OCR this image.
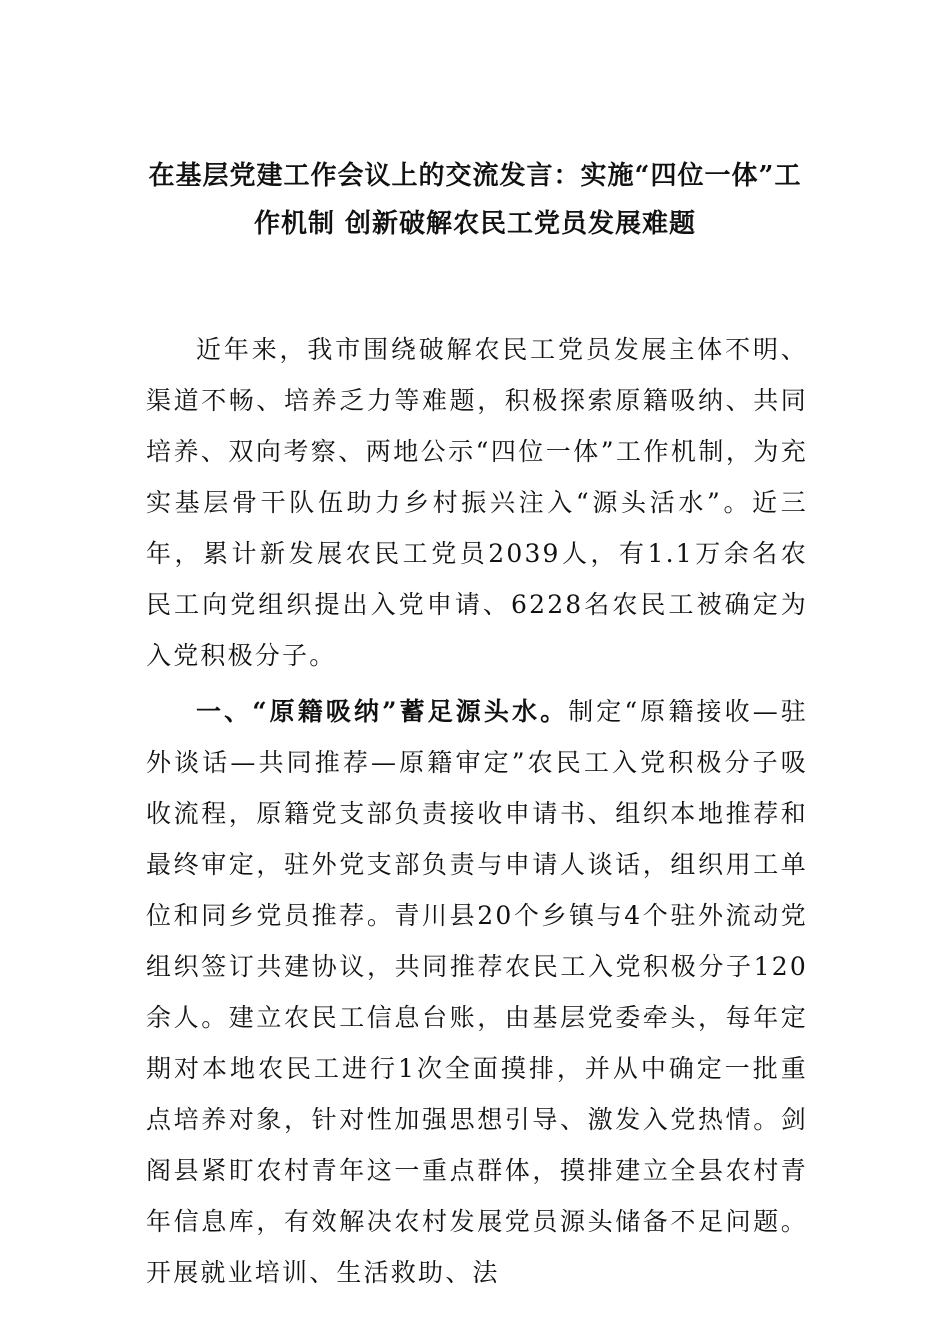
在基层党建工作会议上的交流发言：实施“四位一体”工
作机制 创新破解农民工党员发展难题

近年来，我市围绕破解农民工党员发展主体不明、渠道不畅、培养乏力等难题，积极探索原籍吸纳、共同培养、双向考察、两地公示“四位一体”工作机制，为充实基层骨干队伍助力乡村振兴注入“源头活水”。近三年，累计新发展农民工党员2039人，有1.1万余名农民工向党组织提出入党申请、6228名农民工被确定为入党积极分子。

一、“原籍吸纳”蓄足源头水。制定“原籍接收—驻外谈话—共同推荐—原籍审定”农民工入党积极分子吸收流程，原籍党支部负责接收申请书、组织本地推荐和最终审定，驻外党支部负责与申请人谈话，组织用工单位和同乡党员推荐。青川县20个乡镇与4个驻外流动党组织签订共建协议，共同推荐农民工入党积极分子120余人。建立农民工信息台账，由基层党委牵头，每年定期对本地农民工进行1次全面摸排，并从中确定一批重点培养对象，针对性加强思想引导、激发入党热情。剑阁县紧盯农村青年这一重点群体，摸排建立全县农村青年信息库，有效解决农村发展党员源头储备不足问题。开展就业培训、生活救助、法
